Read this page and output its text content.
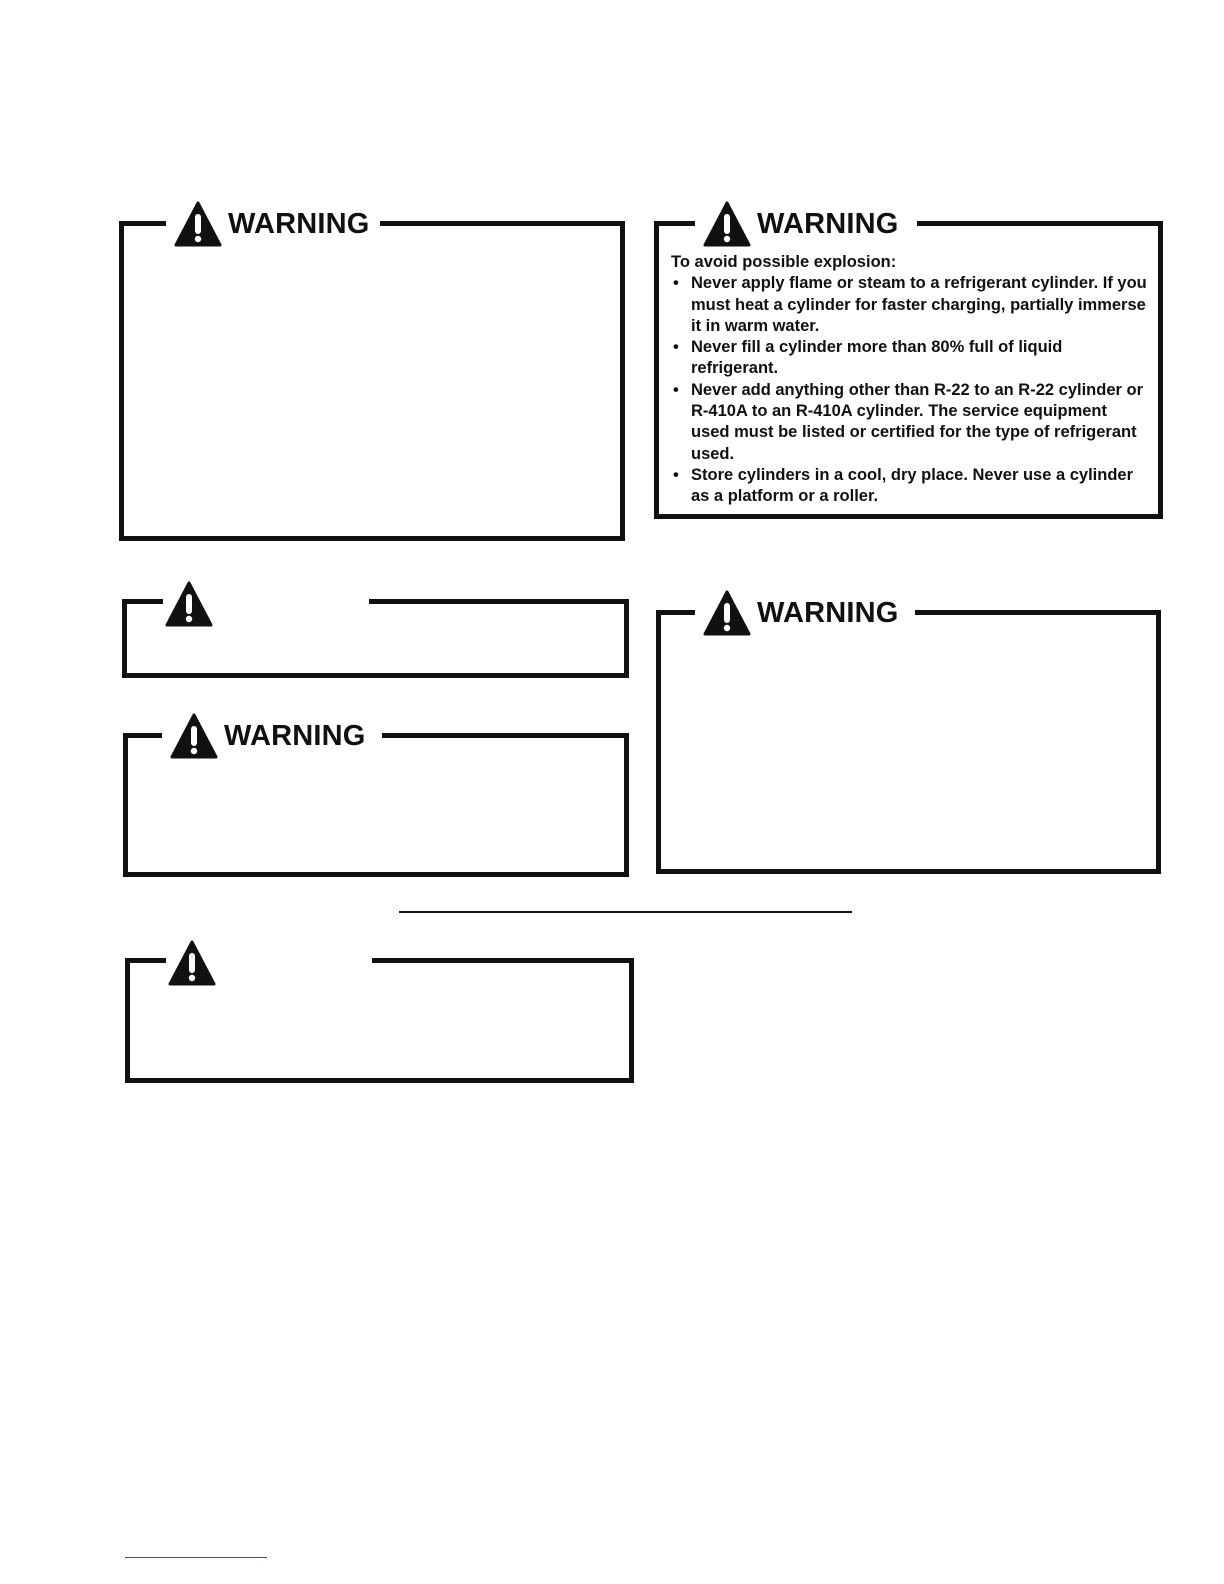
WARNING	WARNING

To avoid possible explosion:

• Never apply flame or steam to a refrigerant cylinder. If you must heat a cylinder for faster charging, partially immerse it in warm water.
• Never fill a cylinder more than 80% full of liquid refrigerant.
• Never add anything other than R-22 to an R-22 cylinder or R-410A to an R-410A cylinder. The service equipment used must be listed or certified for the type of refrigerant used.
• Store cylinders in a cool, dry place. Never use a cylinder as a platform or a roller.
WARNING
WARNING
